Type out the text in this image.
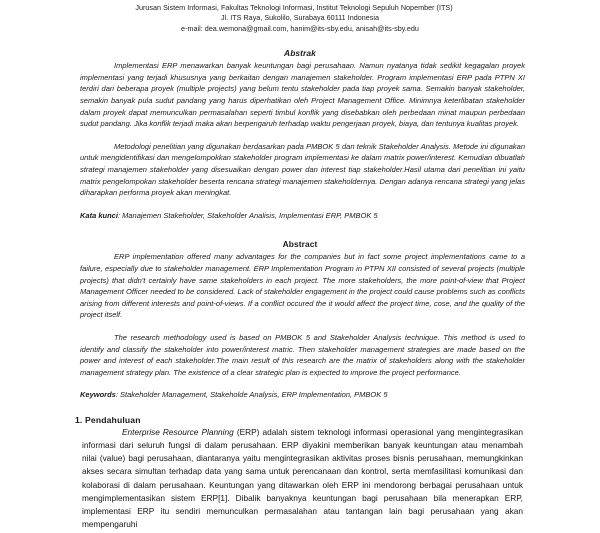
Jurusan Sistem Informasi, Fakultas Teknologi Informasi, Institut Teknologi Sepuluh Nopember (ITS)
Jl. ITS Raya, Sukolilo, Surabaya 60111 Indonesia
e-mail: dea.wemona@gmail.com, hanim@its-sby.edu, anisah@its-sby.edu
Abstrak

Implementasi ERP menawarkan banyak keuntungan bagi perusahaan. Namun nyatanya tidak sedikit kegagalan proyek implementasi yang terjadi khususnya yang berkaitan dengan manajemen stakeholder. Program implementasi ERP pada PTPN XI terdiri dari beberapa proyek (multiple projects) yang belum tentu stakeholder pada tiap proyek sama. Semakin banyak stakeholder, semakin banyak pula sudut pandang yang harus diperhatikan oleh Project Management Office. Minimnya keterlibatan stakeholder dalam proyek dapat memunculkan permasalahan seperti timbul konflik yang disebabkan oleh perbedaan minat maupun perbedaan sudut pandang. Jika konflik terjadi maka akan berpengaruh terhadap waktu pengerjaan proyek, biaya, dan tentunya kualitas proyek.

Metodologi penelitian yang digunakan berdasarkan pada PMBOK 5 dan teknik Stakeholder Analysis. Metode ini digunakan untuk mengidentifikasi dan mengelompokkan stakeholder program implementasi ke dalam matrix power/interest. Kemudian dibuatlah strategi manajemen stakeholder yang disesuaikan dengan power dan interest tiap stakeholder.Hasil utama dari penelitian ini yaitu matrix pengelompokan stakeholder beserta rencana strategi manajemen stakeholdernya. Dengan adanya rencana strategi yang jelas diharapkan performa proyek akan meningkat.

Kata kunci: Manajemen Stakeholder, Stakeholder Analisis, Implementasi ERP, PMBOK 5

Abstract

ERP implementation offered many advantages for the companies but in fact some project implementations came to a failure, especially due to stakeholder management. ERP Implementation Program in PTPN XII consisted of several projects (multiple projects) that didn't certainly have same stakeholders in each project. The more stakeholders, the more point-of-view that Project Management Officer needed to be considered. Lack of stakeholder engagement in the project could cause problems such as conflicts arising from different interests and point-of-views. If a conflict occured the it would affect the project time, cose, and the quality of the project itself.

The research methodology used is based on PMBOK 5 and Stakeholder Analysis technique. This method is used to identify and classify the stakeholder into power/interest matric. Then stakeholder management strategies are made based on the power and interest of each stakeholder.The main result of this research are the matrix of stakeholders along with the stakeholder management strategy plan. The existence of a clear strategic plan is expected to improve the project performance.

Keywords: Stakeholder Management, Stakeholde Analysis, ERP Implementation, PMBOK 5

1. Pendahuluan

Enterprise Resource Planning (ERP) adalah sistem teknologi informasi operasional yang mengintegrasikan informasi dari seluruh fungsi di dalam perusahaan. ERP diyakini memberikan banyak keuntungan atau menambah nilai (value) bagi perusahaan, diantaranya yaitu mengintegrasikan aktivitas proses bisnis perusahaan, memungkinkan akses secara simultan terhadap data yang sama untuk perencanaan dan kontrol, serta memfasilitasi komunikasi dan kolaborasi di dalam perusahaan. Keuntungan yang ditawarkan oleh ERP ini mendorong berbagai perusahaan untuk mengimplementasikan sistem ERP[1]. Dibalik banyaknya keuntungan bagi perusahaan bila menerapkan ERP, implementasi ERP itu sendiri memunculkan permasalahan atau tantangan lain bagi perusahaan yang akan mempengaruhi
